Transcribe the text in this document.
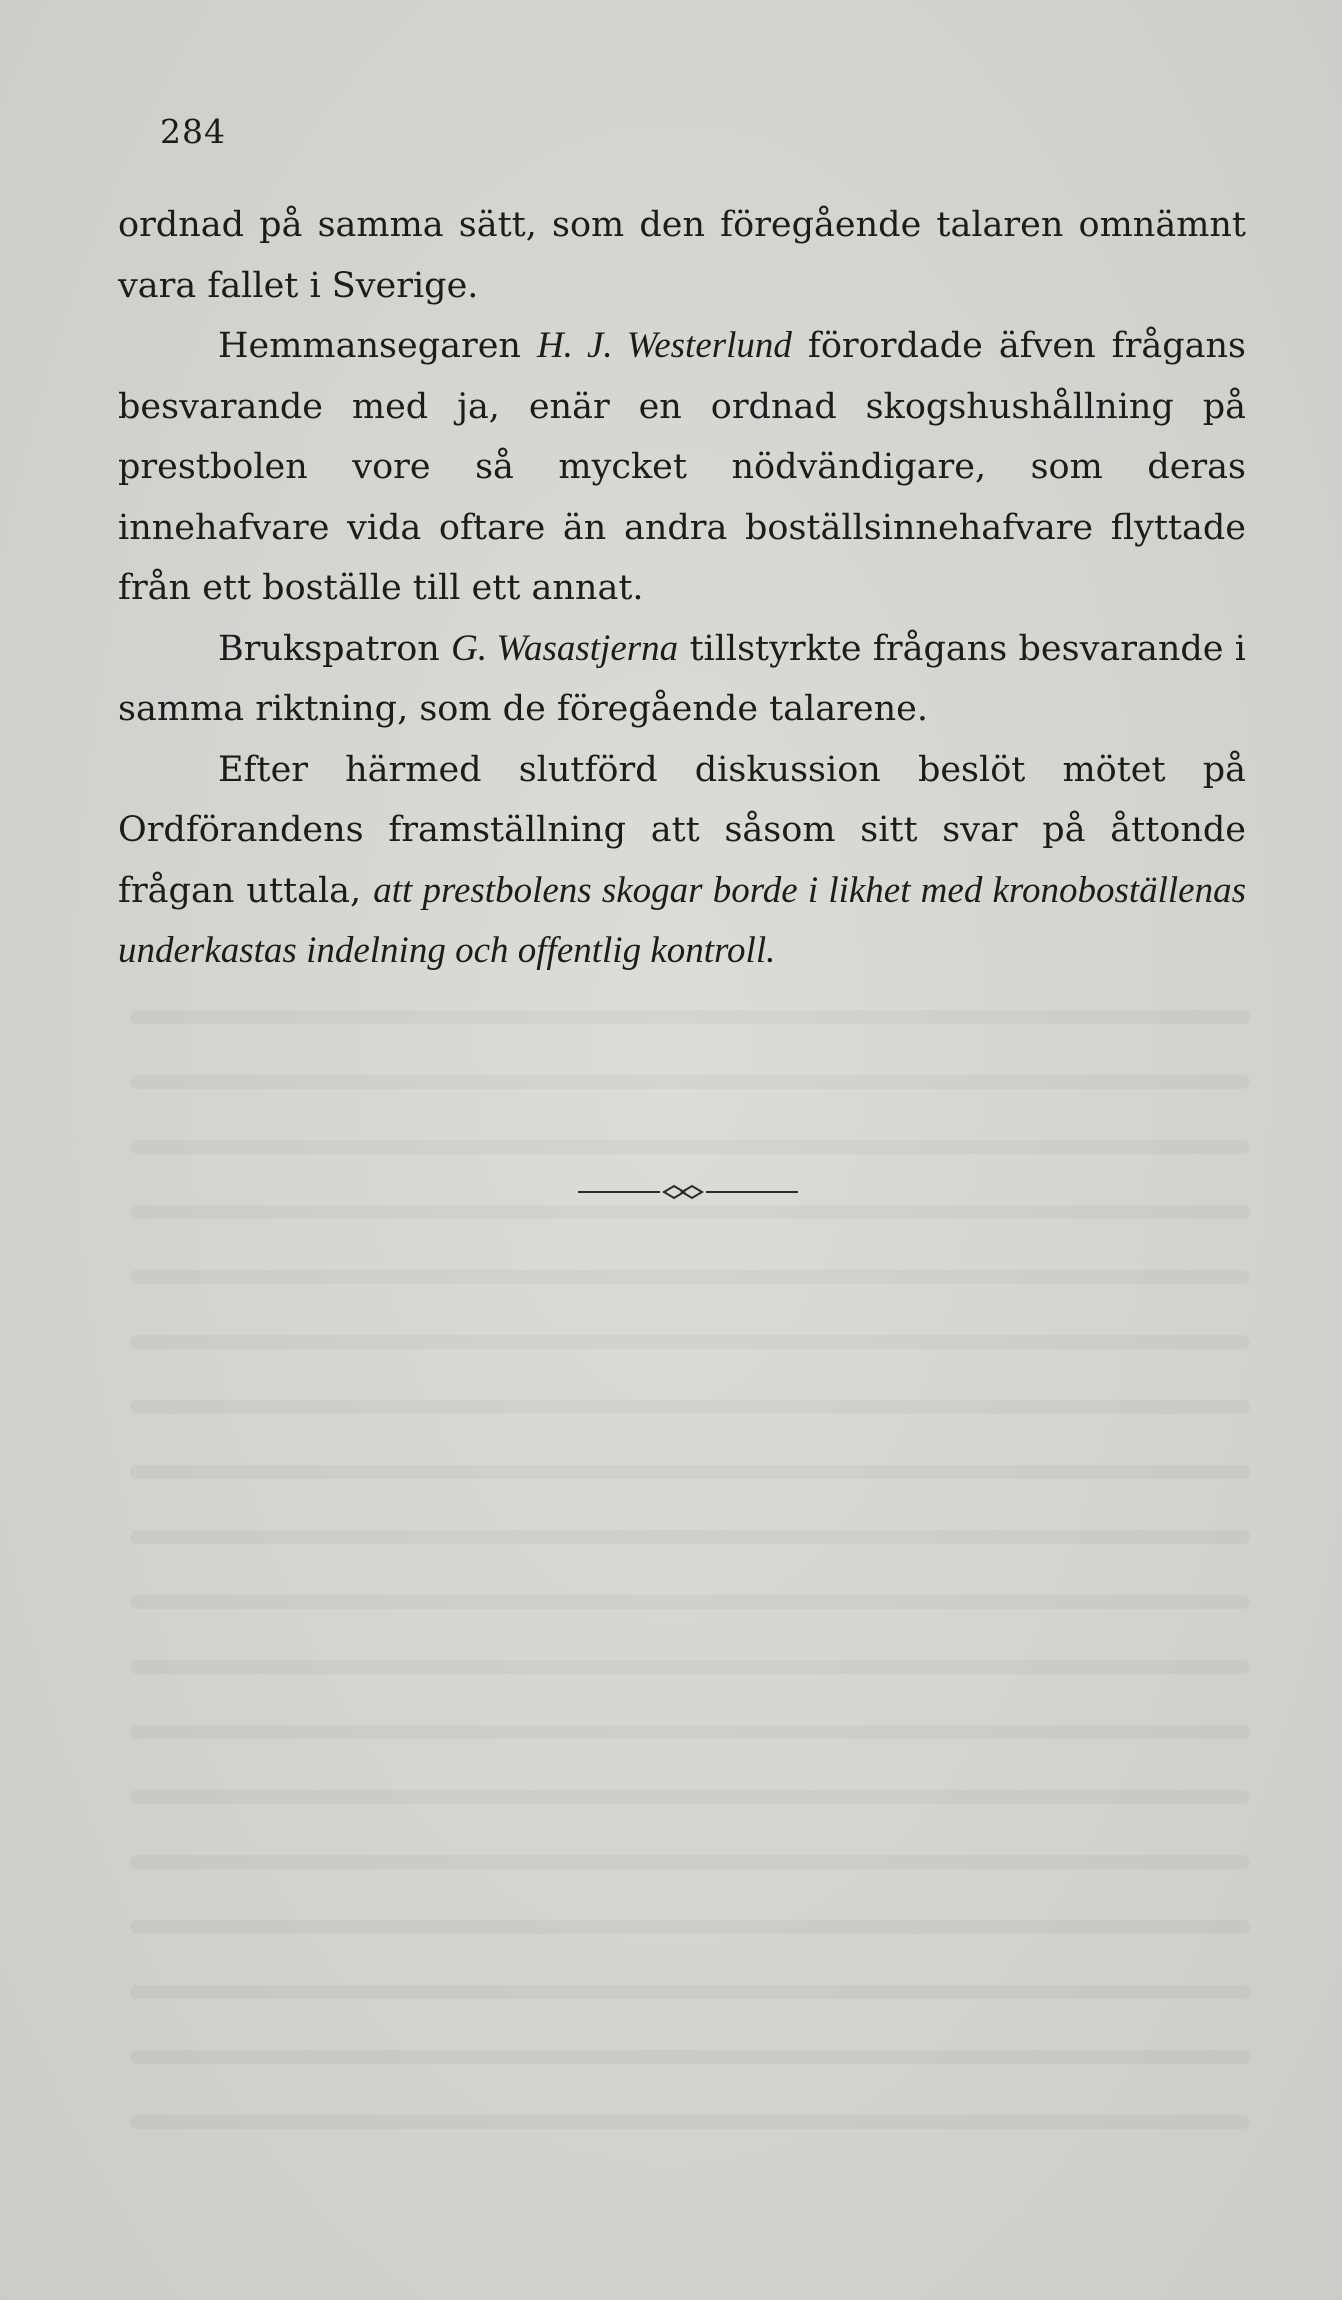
284

ordnad på samma sätt, som den föregående talaren omnämnt vara fallet i Sverige.

Hemmansegaren H. J. Westerlund förordade äfven frågans besvarande med ja, enär en ordnad skogshushållning på prestbolen vore så mycket nödvändigare, som deras innehafvare vida oftare än andra boställsinnehafvare flyttade från ett boställe till ett annat.

Brukspatron G. Wasastjerna tillstyrkte frågans besvarande i samma riktning, som de föregående talarene.

Efter härmed slutförd diskussion beslöt mötet på Ordförandens framställning att såsom sitt svar på åttonde frågan uttala, att prestbolens skogar borde i likhet med kronoboställenas underkastas indelning och offentlig kontroll.
